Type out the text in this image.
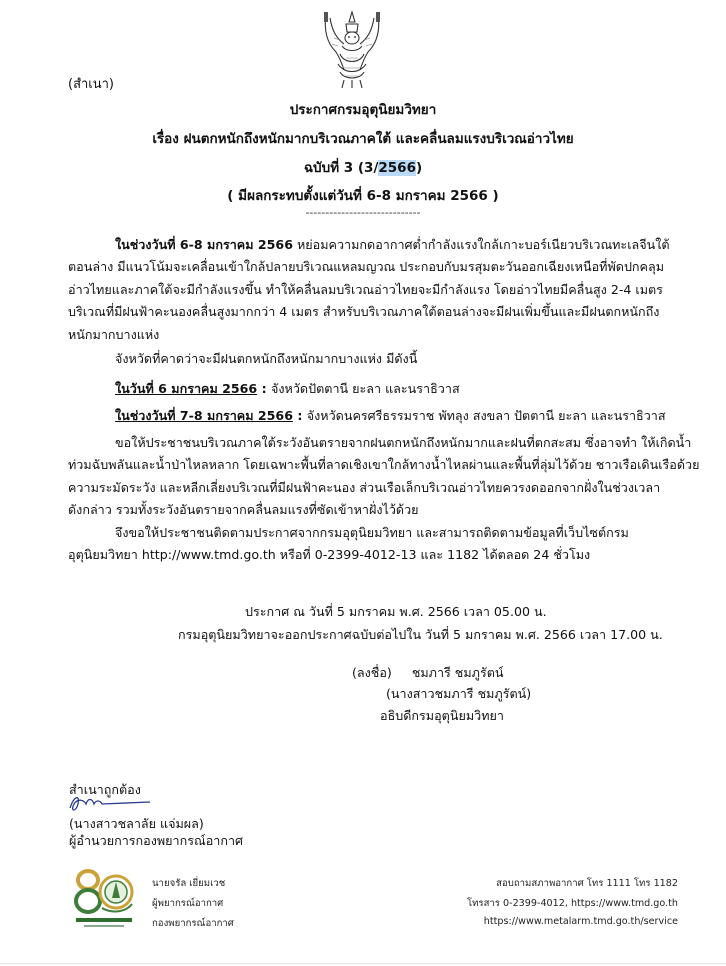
(สำเนา)
ประกาศกรมอุตุนิยมวิทยา
เรื่อง ฝนตกหนักถึงหนักมากบริเวณภาคใต้ และคลื่นลมแรงบริเวณอ่าวไทย
ฉบับที่ 3 (3/2566)
( มีผลกระทบตั้งแต่วันที่ 6-8 มกราคม 2566 )
-----------------------------
ในช่วงวันที่ 6-8 มกราคม 2566 หย่อมความกดอากาศต่ำกำลังแรงใกล้เกาะบอร์เนียวบริเวณทะเลจีนใต้
ตอนล่าง มีแนวโน้มจะเคลื่อนเข้าใกล้ปลายบริเวณแหลมญวณ ประกอบกับมรสุมตะวันออกเฉียงเหนือที่พัดปกคลุม
อ่าวไทยและภาคใต้จะมีกำลังแรงขึ้น ทำให้คลื่นลมบริเวณอ่าวไทยจะมีกำลังแรง โดยอ่าวไทยมีคลื่นสูง 2-4 เมตร
บริเวณที่มีฝนฟ้าคะนองคลื่นสูงมากกว่า 4 เมตร สำหรับบริเวณภาคใต้ตอนล่างจะมีฝนเพิ่มขึ้นและมีฝนตกหนักถึง
หนักมากบางแห่ง
จังหวัดที่คาดว่าจะมีฝนตกหนักถึงหนักมากบางแห่ง มีดังนี้
ในวันที่ 6 มกราคม 2566 : จังหวัดปัตตานี ยะลา และนราธิวาส
ในช่วงวันที่ 7-8 มกราคม 2566 : จังหวัดนครศรีธรรมราช พัทลุง สงขลา ปัตตานี ยะลา และนราธิวาส
ขอให้ประชาชนบริเวณภาคใต้ระวังอันตรายจากฝนตกหนักถึงหนักมากและฝนที่ตกสะสม ซึ่งอาจทำ ให้เกิดน้ำ
ท่วมฉับพลันและน้ำป่าไหลหลาก โดยเฉพาะพื้นที่ลาดเชิงเขาใกล้ทางน้ำไหลผ่านและพื้นที่ลุ่มไว้ด้วย ชาวเรือเดินเรือด้วย
ความระมัดระวัง และหลีกเลี่ยงบริเวณที่มีฝนฟ้าคะนอง ส่วนเรือเล็กบริเวณอ่าวไทยควรงดออกจากฝั่งในช่วงเวลา
ดังกล่าว รวมทั้งระวังอันตรายจากคลื่นลมแรงที่ซัดเข้าหาฝั่งไว้ด้วย
จึงขอให้ประชาชนติดตามประกาศจากกรมอุตุนิยมวิทยา และสามารถติดตามข้อมูลที่เว็บไซต์กรม
อุตุนิยมวิทยา http://www.tmd.go.th หรือที่ 0-2399-4012-13 และ 1182 ได้ตลอด 24 ชั่วโมง
ประกาศ ณ วันที่ 5 มกราคม พ.ศ. 2566 เวลา 05.00 น.
กรมอุตุนิยมวิทยาจะออกประกาศฉบับต่อไปใน วันที่ 5 มกราคม พ.ศ. 2566 เวลา 17.00 น.
(ลงชื่อ) ชมภารี ชมภูรัตน์
(นางสาวชมภารี ชมภูรัตน์)
อธิบดีกรมอุตุนิยมวิทยา
สำเนาถูกต้อง
(นางสาวชลาลัย แจ่มผล)
ผู้อำนวยการกองพยากรณ์อากาศ
นายจรัล เยี่ยมเวช
ผู้พยากรณ์อากาศ
กองพยากรณ์อากาศ
สอบถามสภาพอากาศ โทร 1111 โทร 1182
โทรสาร 0-2399-4012, https://www.tmd.go.th
https://www.metalarm.tmd.go.th/service
